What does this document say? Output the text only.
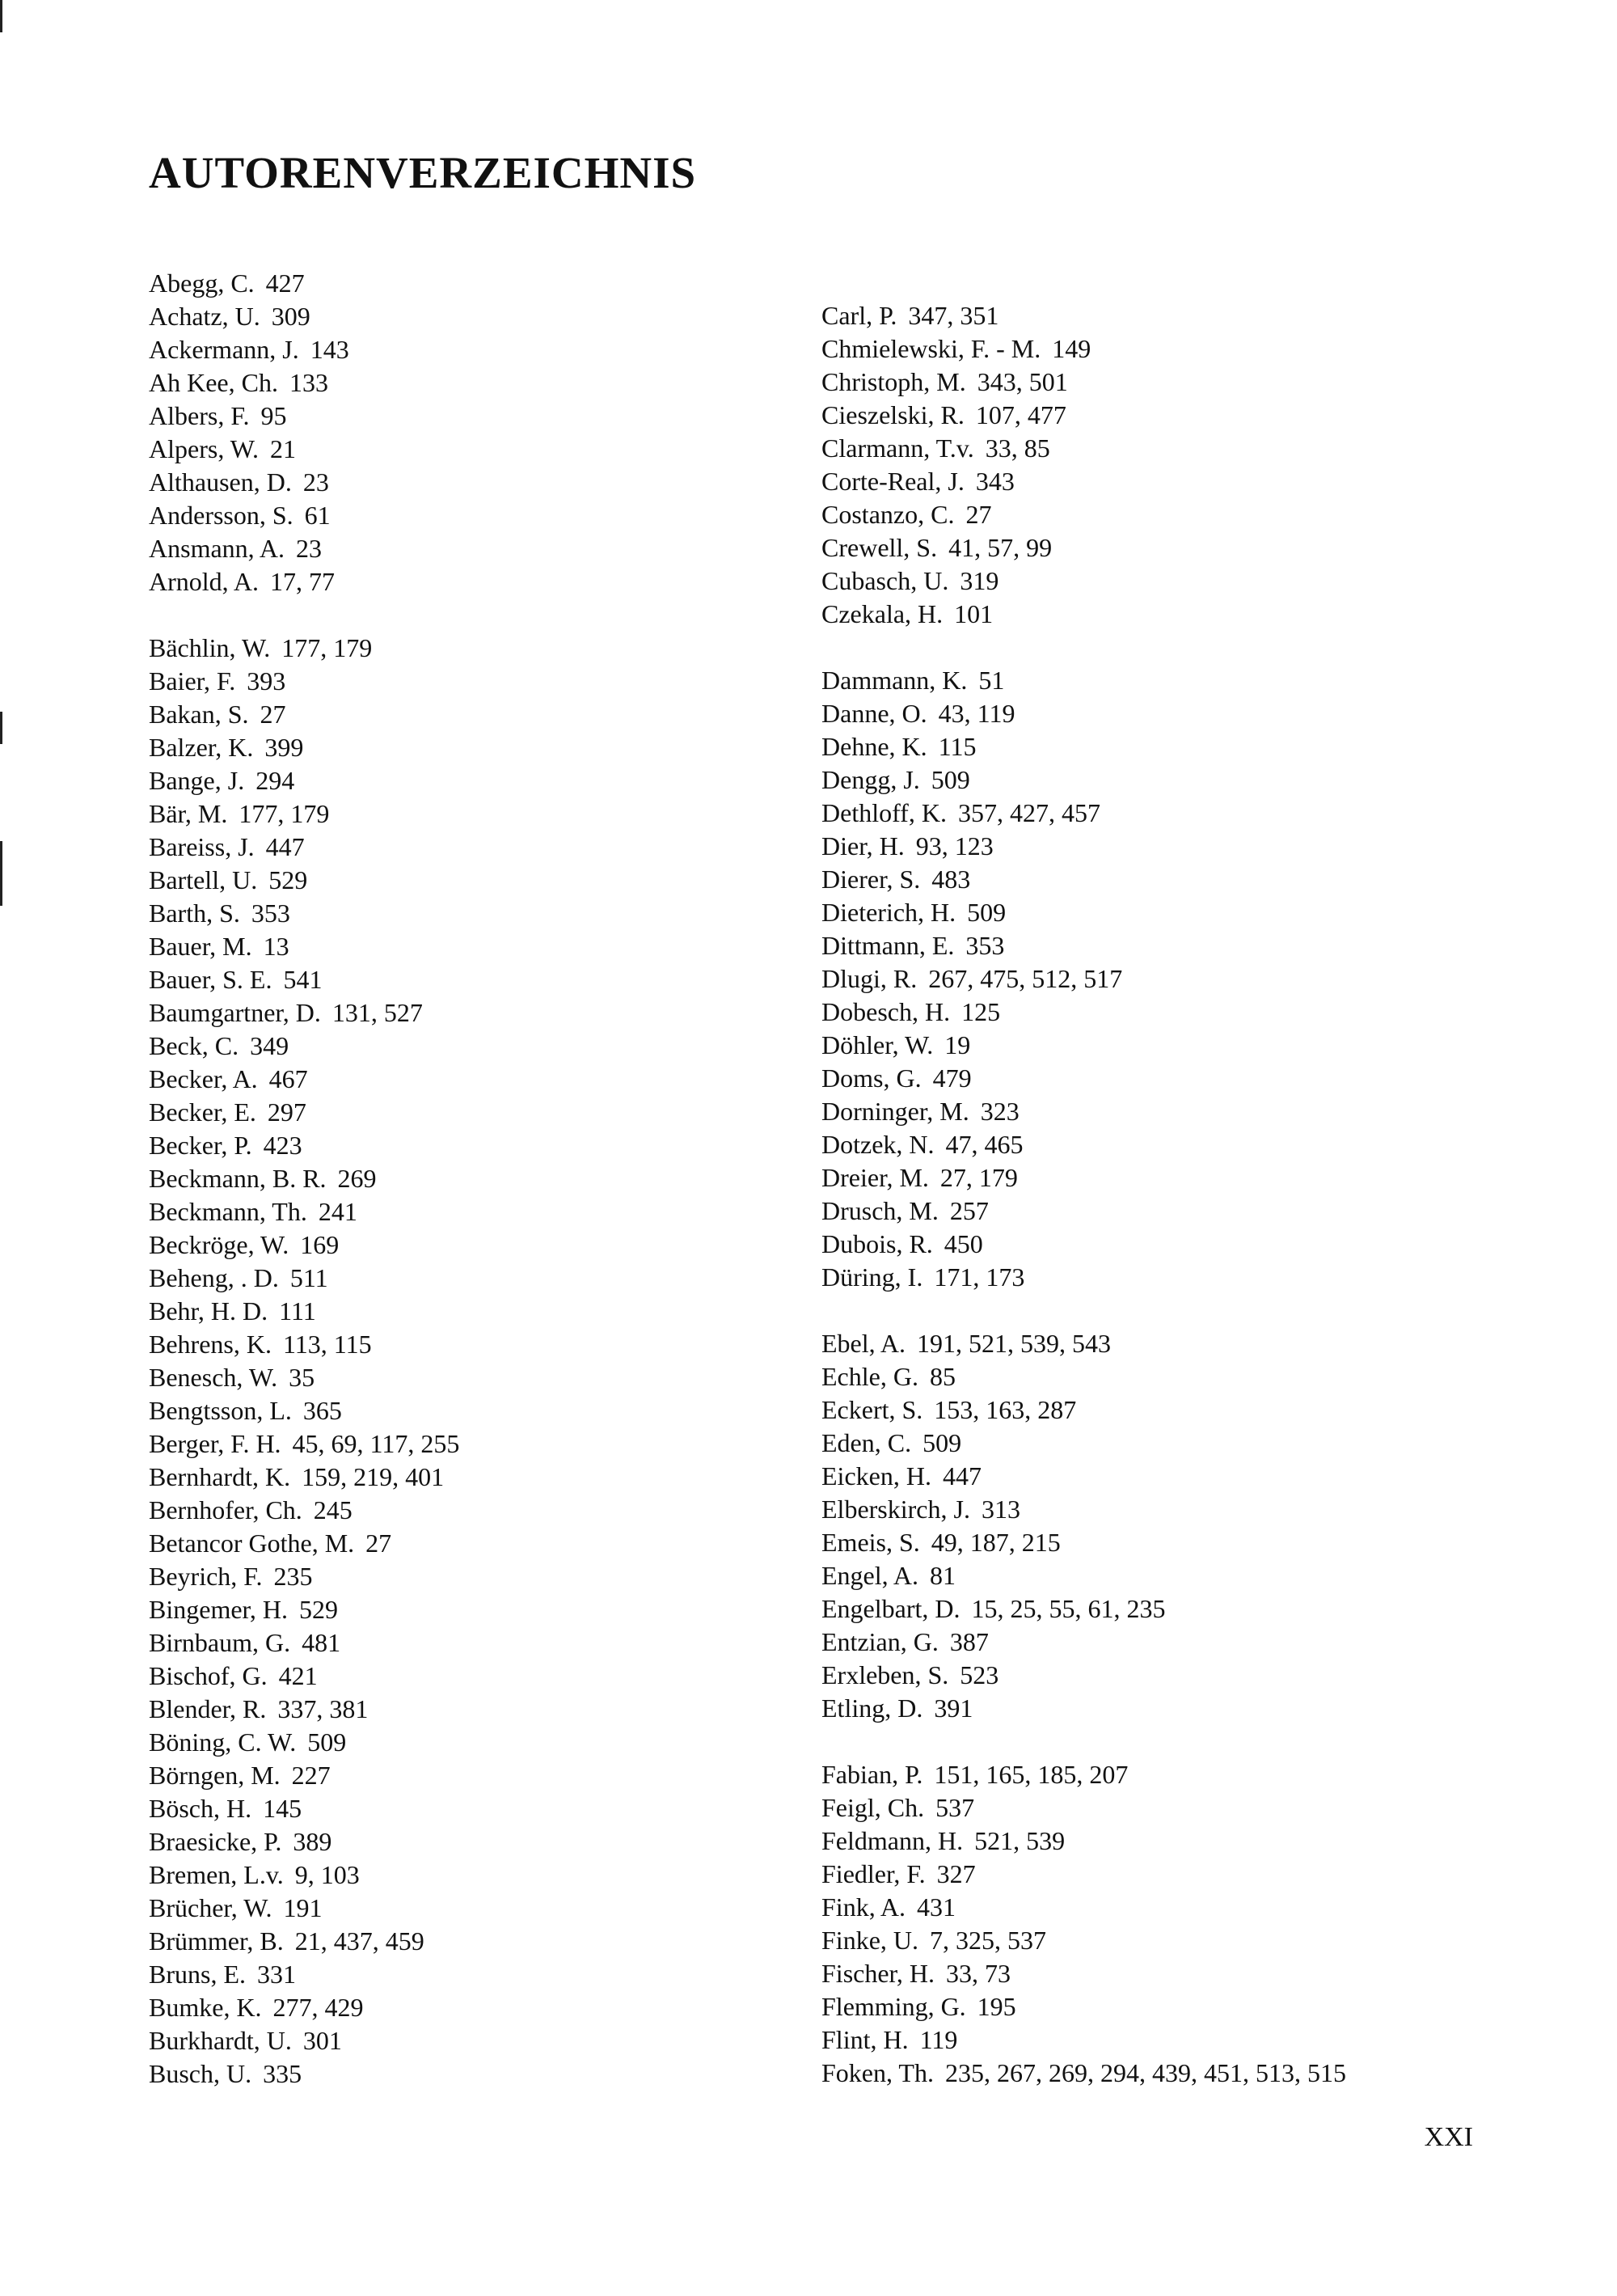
AUTORENVERZEICHNIS
Abegg, C. 427
Achatz, U. 309
Ackermann, J. 143
Ah Kee, Ch. 133
Albers, F. 95
Alpers, W. 21
Althausen, D. 23
Andersson, S. 61
Ansmann, A. 23
Arnold, A. 17, 77
Bächlin, W. 177, 179
Baier, F. 393
Bakan, S. 27
Balzer, K. 399
Bange, J. 294
Bär, M. 177, 179
Bareiss, J. 447
Bartell, U. 529
Barth, S. 353
Bauer, M. 13
Bauer, S. E. 541
Baumgartner, D. 131, 527
Beck, C. 349
Becker, A. 467
Becker, E. 297
Becker, P. 423
Beckmann, B. R. 269
Beckmann, Th. 241
Beckröge, W. 169
Beheng, . D. 511
Behr, H. D. 111
Behrens, K. 113, 115
Benesch, W. 35
Bengtsson, L. 365
Berger, F. H. 45, 69, 117, 255
Bernhardt, K. 159, 219, 401
Bernhofer, Ch. 245
Betancor Gothe, M. 27
Beyrich, F. 235
Bingemer, H. 529
Birnbaum, G. 481
Bischof, G. 421
Blender, R. 337, 381
Böning, C. W. 509
Börngen, M. 227
Bösch, H. 145
Braesicke, P. 389
Bremen, L.v. 9, 103
Brücher, W. 191
Brümmer, B. 21, 437, 459
Bruns, E. 331
Bumke, K. 277, 429
Burkhardt, U. 301
Busch, U. 335
Carl, P. 347, 351
Chmielewski, F. - M. 149
Christoph, M. 343, 501
Cieszelski, R. 107, 477
Clarmann, T.v. 33, 85
Corte-Real, J. 343
Costanzo, C. 27
Crewell, S. 41, 57, 99
Cubasch, U. 319
Czekala, H. 101
Dammann, K. 51
Danne, O. 43, 119
Dehne, K. 115
Dengg, J. 509
Dethloff, K. 357, 427, 457
Dier, H. 93, 123
Dierer, S. 483
Dieterich, H. 509
Dittmann, E. 353
Dlugi, R. 267, 475, 512, 517
Dobesch, H. 125
Döhler, W. 19
Doms, G. 479
Dorninger, M. 323
Dotzek, N. 47, 465
Dreier, M. 27, 179
Drusch, M. 257
Dubois, R. 450
Düring, I. 171, 173
Ebel, A. 191, 521, 539, 543
Echle, G. 85
Eckert, S. 153, 163, 287
Eden, C. 509
Eicken, H. 447
Elberskirch, J. 313
Emeis, S. 49, 187, 215
Engel, A. 81
Engelbart, D. 15, 25, 55, 61, 235
Entzian, G. 387
Erxleben, S. 523
Etling, D. 391
Fabian, P. 151, 165, 185, 207
Feigl, Ch. 537
Feldmann, H. 521, 539
Fiedler, F. 327
Fink, A. 431
Finke, U. 7, 325, 537
Fischer, H. 33, 73
Flemming, G. 195
Flint, H. 119
Foken, Th. 235, 267, 269, 294, 439, 451, 513, 515
XXI
